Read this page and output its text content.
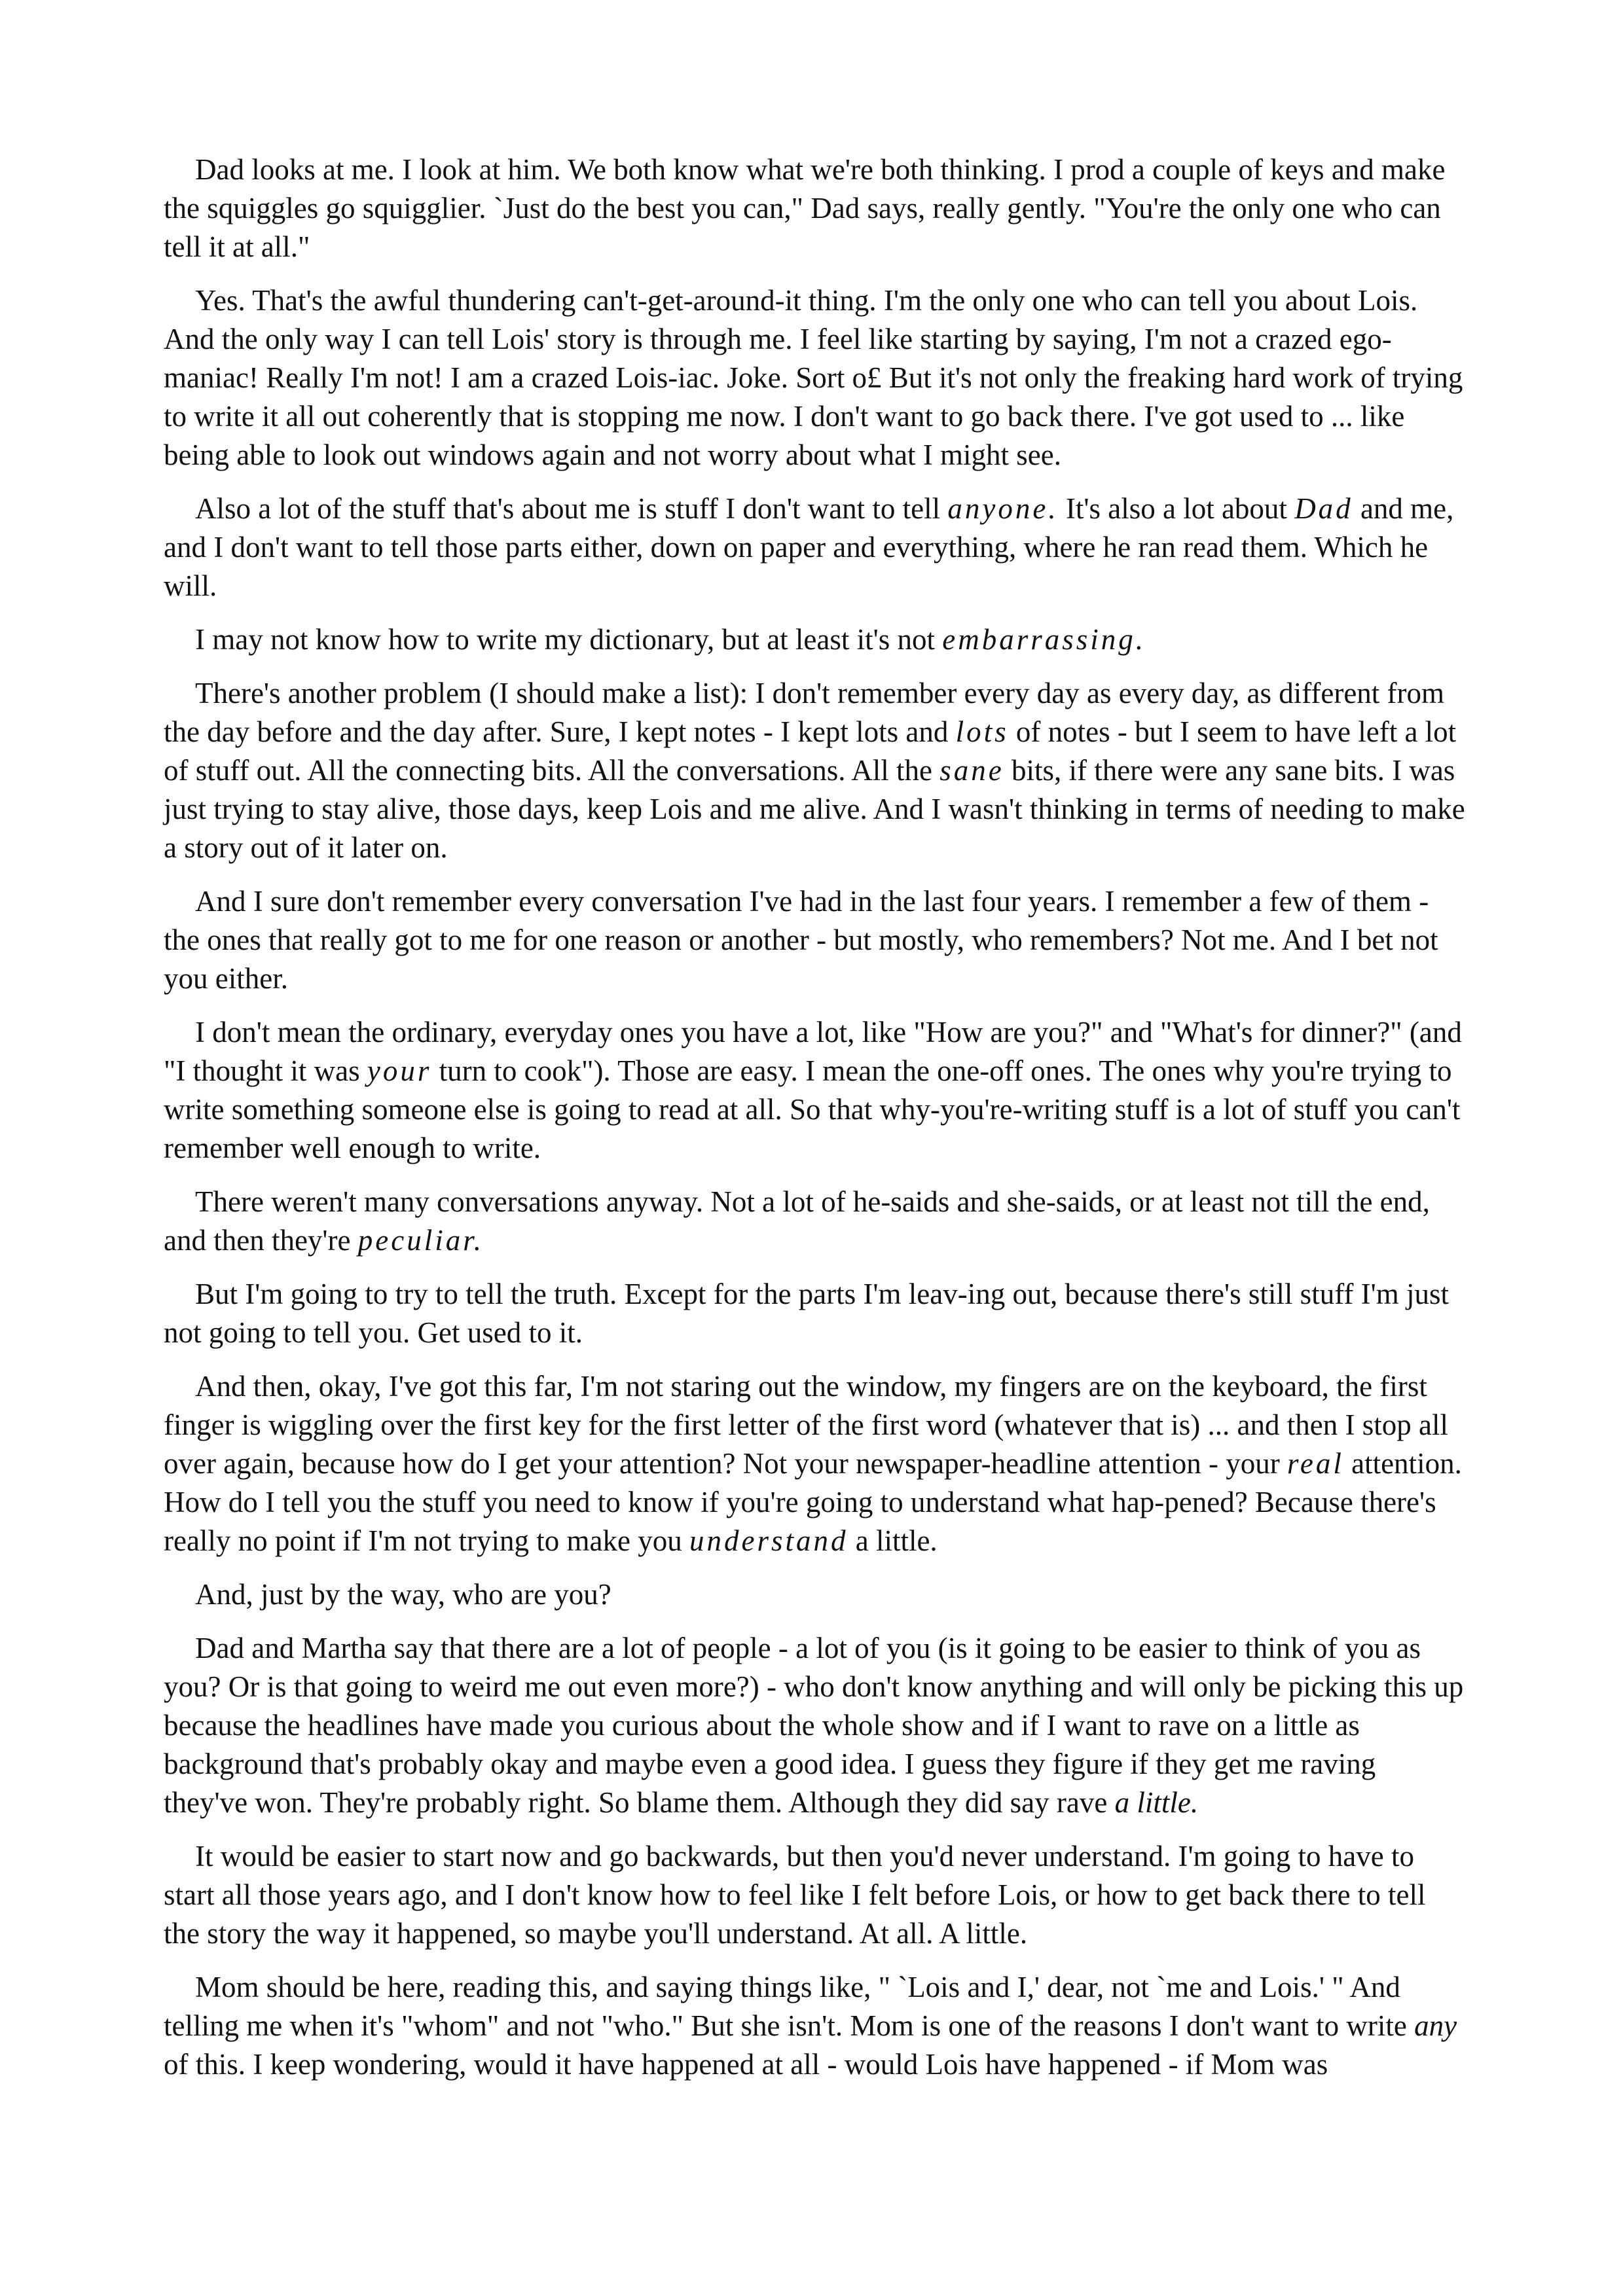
Dad looks at me. I look at him. We both know what we're both thinking. I prod a couple of keys and make the squiggles go squigglier. `Just do the best you can," Dad says, really gently. "You're the only one who can tell it at all."

Yes. That's the awful thundering can't-get-around-it thing. I'm the only one who can tell you about Lois. And the only way I can tell Lois' story is through me. I feel like starting by saying, I'm not a crazed ego-maniac! Really I'm not! I am a crazed Lois-iac. Joke. Sort o£ But it's not only the freaking hard work of trying to write it all out coherently that is stopping me now. I don't want to go back there. I've got used to ... like being able to look out windows again and not worry about what I might see.

Also a lot of the stuff that's about me is stuff I don't want to tell anyone. It's also a lot about Dad and me, and I don't want to tell those parts either, down on paper and everything, where he ran read them. Which he will.

I may not know how to write my dictionary, but at least it's not embarrassing.

There's another problem (I should make a list): I don't remember every day as every day, as different from the day before and the day after. Sure, I kept notes - I kept lots and lots of notes - but I seem to have left a lot of stuff out. All the connecting bits. All the conversations. All the sane bits, if there were any sane bits. I was just trying to stay alive, those days, keep Lois and me alive. And I wasn't thinking in terms of needing to make a story out of it later on.

And I sure don't remember every conversation I've had in the last four years. I remember a few of them - the ones that really got to me for one reason or another - but mostly, who remembers? Not me. And I bet not you either.

I don't mean the ordinary, everyday ones you have a lot, like "How are you?" and "What's for dinner?" (and "I thought it was your turn to cook"). Those are easy. I mean the one-off ones. The ones why you're trying to write something someone else is going to read at all. So that why-you're-writing stuff is a lot of stuff you can't remember well enough to write.

There weren't many conversations anyway. Not a lot of he-saids and she-saids, or at least not till the end, and then they're peculiar.

But I'm going to try to tell the truth. Except for the parts I'm leav-ing out, because there's still stuff I'm just not going to tell you. Get used to it.

And then, okay, I've got this far, I'm not staring out the window, my fingers are on the keyboard, the first finger is wiggling over the first key for the first letter of the first word (whatever that is) ... and then I stop all over again, because how do I get your attention? Not your newspaper-headline attention - your real attention. How do I tell you the stuff you need to know if you're going to understand what hap-pened? Because there's really no point if I'm not trying to make you understand a little.

And, just by the way, who are you?

Dad and Martha say that there are a lot of people - a lot of you (is it going to be easier to think of you as you? Or is that going to weird me out even more?) - who don't know anything and will only be picking this up because the headlines have made you curious about the whole show and if I want to rave on a little as background that's probably okay and maybe even a good idea. I guess they figure if they get me raving they've won. They're probably right. So blame them. Although they did say rave a little.

It would be easier to start now and go backwards, but then you'd never understand. I'm going to have to start all those years ago, and I don't know how to feel like I felt before Lois, or how to get back there to tell the story the way it happened, so maybe you'll understand. At all. A little.

Mom should be here, reading this, and saying things like, " `Lois and I,' dear, not `me and Lois.' " And telling me when it's "whom" and not "who." But she isn't. Mom is one of the reasons I don't want to write any of this. I keep wondering, would it have happened at all - would Lois have happened - if Mom was
